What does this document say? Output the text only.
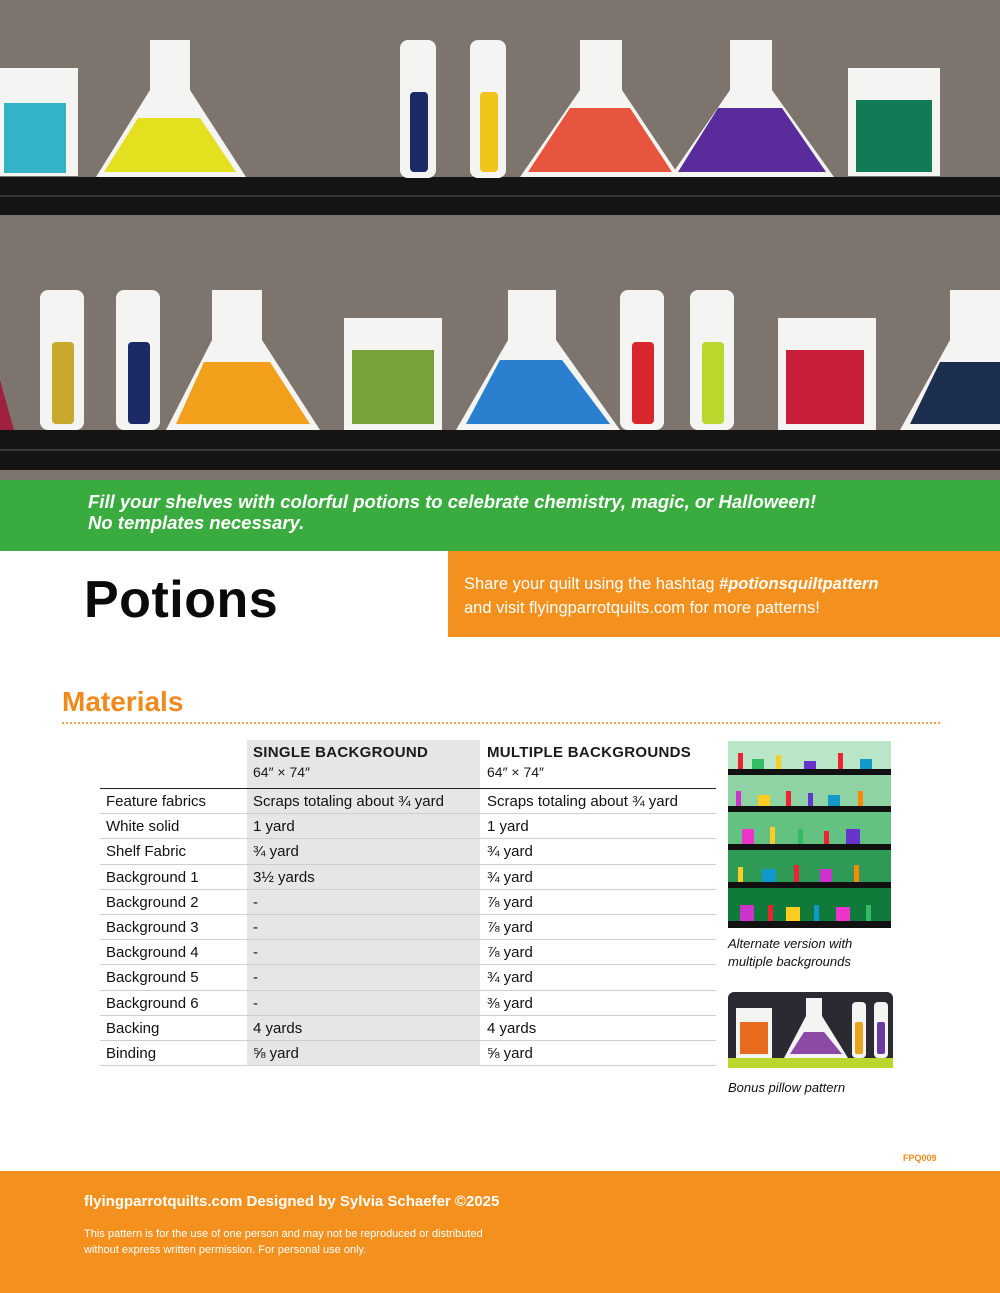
Fill your shelves with colorful potions to celebrate chemistry, magic, or Halloween!
No templates necessary.
Potions	Share your quilt using the hashtag #potionsquiltpattern
and visit flyingparrotquilts.com for more patterns!
Materials
SINGLE BACKGROUND
64″ × 74″
MULTIPLE BACKGROUNDS
64″ × 74″
Feature fabrics	Scraps totaling about ¾ yard	Scraps totaling about ¾ yard
White solid	1 yard	1 yard
Shelf Fabric	¾ yard	¾ yard
Background 1	3½ yards	¾ yard
Background 2	-	⅞ yard
Background 3	-	⅞ yard
Background 4	-	⅞ yard
Background 5	-	¾ yard
Background 6	-	⅜ yard
Backing	4 yards	4 yards
Binding	⅝ yard	⅝ yard
Alternate version with
multiple backgrounds
Bonus pillow pattern
FPQ009
flyingparrotquilts.com Designed by Sylvia Schaefer ©2025
This pattern is for the use of one person and may not be reproduced or distributed
without express written permission. For personal use only.
